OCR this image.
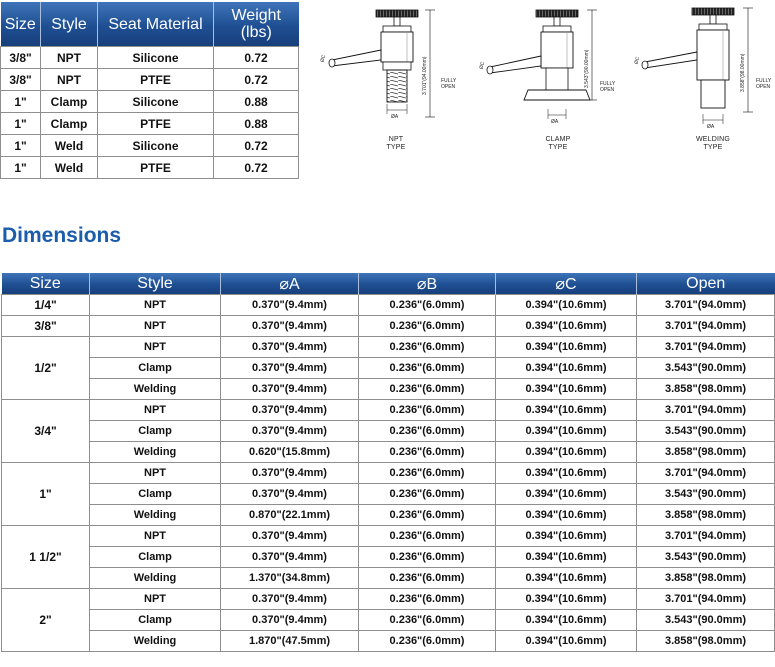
Size	Style	Seat Material	Weight
(lbs)
3/8"	NPT	Silicone	0.72
3/8"	NPT	PTFE	0.72
1"	Clamp	Silicone	0.88
1"	Clamp	PTFE	0.88
1"	Weld	Silicone	0.72
1"	Weld	PTFE	0.72
3.701"(94.00mm)	3.543"(90.00mm)	3.858"(98.00mm)
ØC
ØA
ØC
ØA
ØC
ØA
FULLY
OPEN	FULLY
OPEN
FULLY
OPEN
NPT
TYPE
CLAMP
TYPE
WELDING
TYPE
Dimensions
Size	Style	⌀A	⌀B	⌀C	Open
1/4"	NPT	0.370"(9.4mm)	0.236"(6.0mm)	0.394"(10.6mm)	3.701"(94.0mm)
3/8"	NPT	0.370"(9.4mm)	0.236"(6.0mm)	0.394"(10.6mm)	3.701"(94.0mm)
1/2"	NPT	0.370"(9.4mm)	0.236"(6.0mm)	0.394"(10.6mm)	3.701"(94.0mm)
	Clamp	0.370"(9.4mm)	0.236"(6.0mm)	0.394"(10.6mm)	3.543"(90.0mm)
	Welding	0.370"(9.4mm)	0.236"(6.0mm)	0.394"(10.6mm)	3.858"(98.0mm)
3/4"	NPT	0.370"(9.4mm)	0.236"(6.0mm)	0.394"(10.6mm)	3.701"(94.0mm)
	Clamp	0.370"(9.4mm)	0.236"(6.0mm)	0.394"(10.6mm)	3.543"(90.0mm)
	Welding	0.620"(15.8mm)	0.236"(6.0mm)	0.394"(10.6mm)	3.858"(98.0mm)
1"	NPT	0.370"(9.4mm)	0.236"(6.0mm)	0.394"(10.6mm)	3.701"(94.0mm)
	Clamp	0.370"(9.4mm)	0.236"(6.0mm)	0.394"(10.6mm)	3.543"(90.0mm)
	Welding	0.870"(22.1mm)	0.236"(6.0mm)	0.394"(10.6mm)	3.858"(98.0mm)
1 1/2"	NPT	0.370"(9.4mm)	0.236"(6.0mm)	0.394"(10.6mm)	3.701"(94.0mm)
	Clamp	0.370"(9.4mm)	0.236"(6.0mm)	0.394"(10.6mm)	3.543"(90.0mm)
	Welding	1.370"(34.8mm)	0.236"(6.0mm)	0.394"(10.6mm)	3.858"(98.0mm)
2"	NPT	0.370"(9.4mm)	0.236"(6.0mm)	0.394"(10.6mm)	3.701"(94.0mm)
	Clamp	0.370"(9.4mm)	0.236"(6.0mm)	0.394"(10.6mm)	3.543"(90.0mm)
	Welding	1.870"(47.5mm)	0.236"(6.0mm)	0.394"(10.6mm)	3.858"(98.0mm)
